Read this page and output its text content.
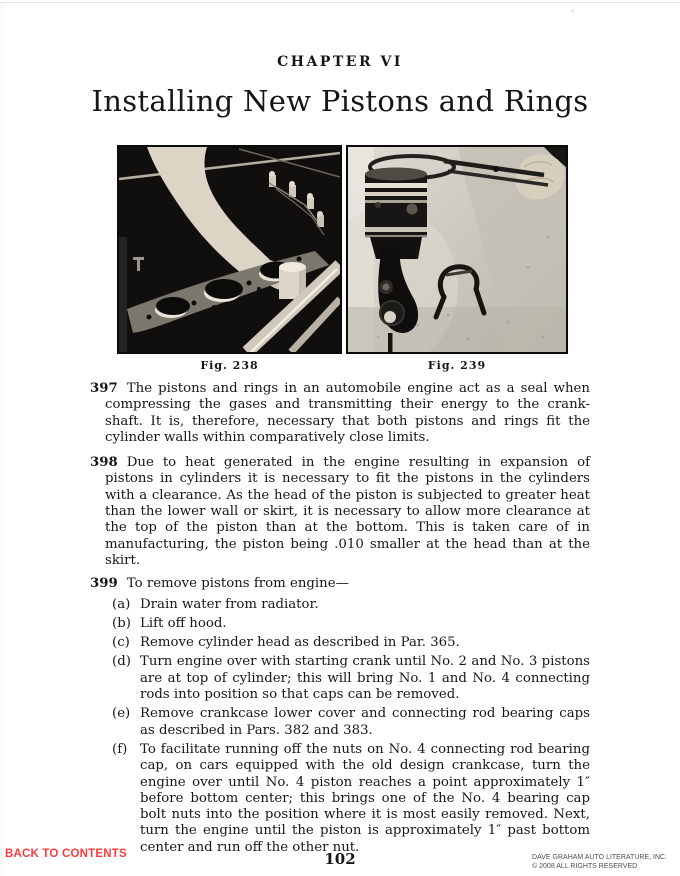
CHAPTER VI
Installing New Pistons and Rings
Fig. 238	Fig. 239

397 The pistons and rings in an automobile engine act as a seal when compressing the gases and transmitting their energy to the crank-shaft. It is, therefore, necessary that both pistons and rings fit the cylinder walls within comparatively close limits.

398 Due to heat generated in the engine resulting in expansion of pistons in cylinders it is necessary to fit the pistons in the cylinders with a clearance. As the head of the piston is subjected to greater heat than the lower wall or skirt, it is necessary to allow more clearance at the top of the piston than at the bottom. This is taken care of in manufacturing, the piston being .010 smaller at the head than at the skirt.

399 To remove pistons from engine—

(a) Drain water from radiator.
(b) Lift off hood.
(c) Remove cylinder head as described in Par. 365.
(d) Turn engine over with starting crank until No. 2 and No. 3 pistons are at top of cylinder; this will bring No. 1 and No. 4 connecting rods into position so that caps can be removed.
(e) Remove crankcase lower cover and connecting rod bearing caps as described in Pars. 382 and 383.
(f) To facilitate running off the nuts on No. 4 connecting rod bearing cap, on cars equipped with the old design crankcase, turn the engine over until No. 4 piston reaches a point approximately 1″ before bottom center; this brings one of the No. 4 bearing cap bolt nuts into the position where it is most easily removed. Next, turn the engine until the piston is approximately 1″ past bottom center and run off the other nut.
BACK TO CONTENTS	102	DAVE GRAHAM AUTO LITERATURE, INC.
© 2008 ALL RIGHTS RESERVED
